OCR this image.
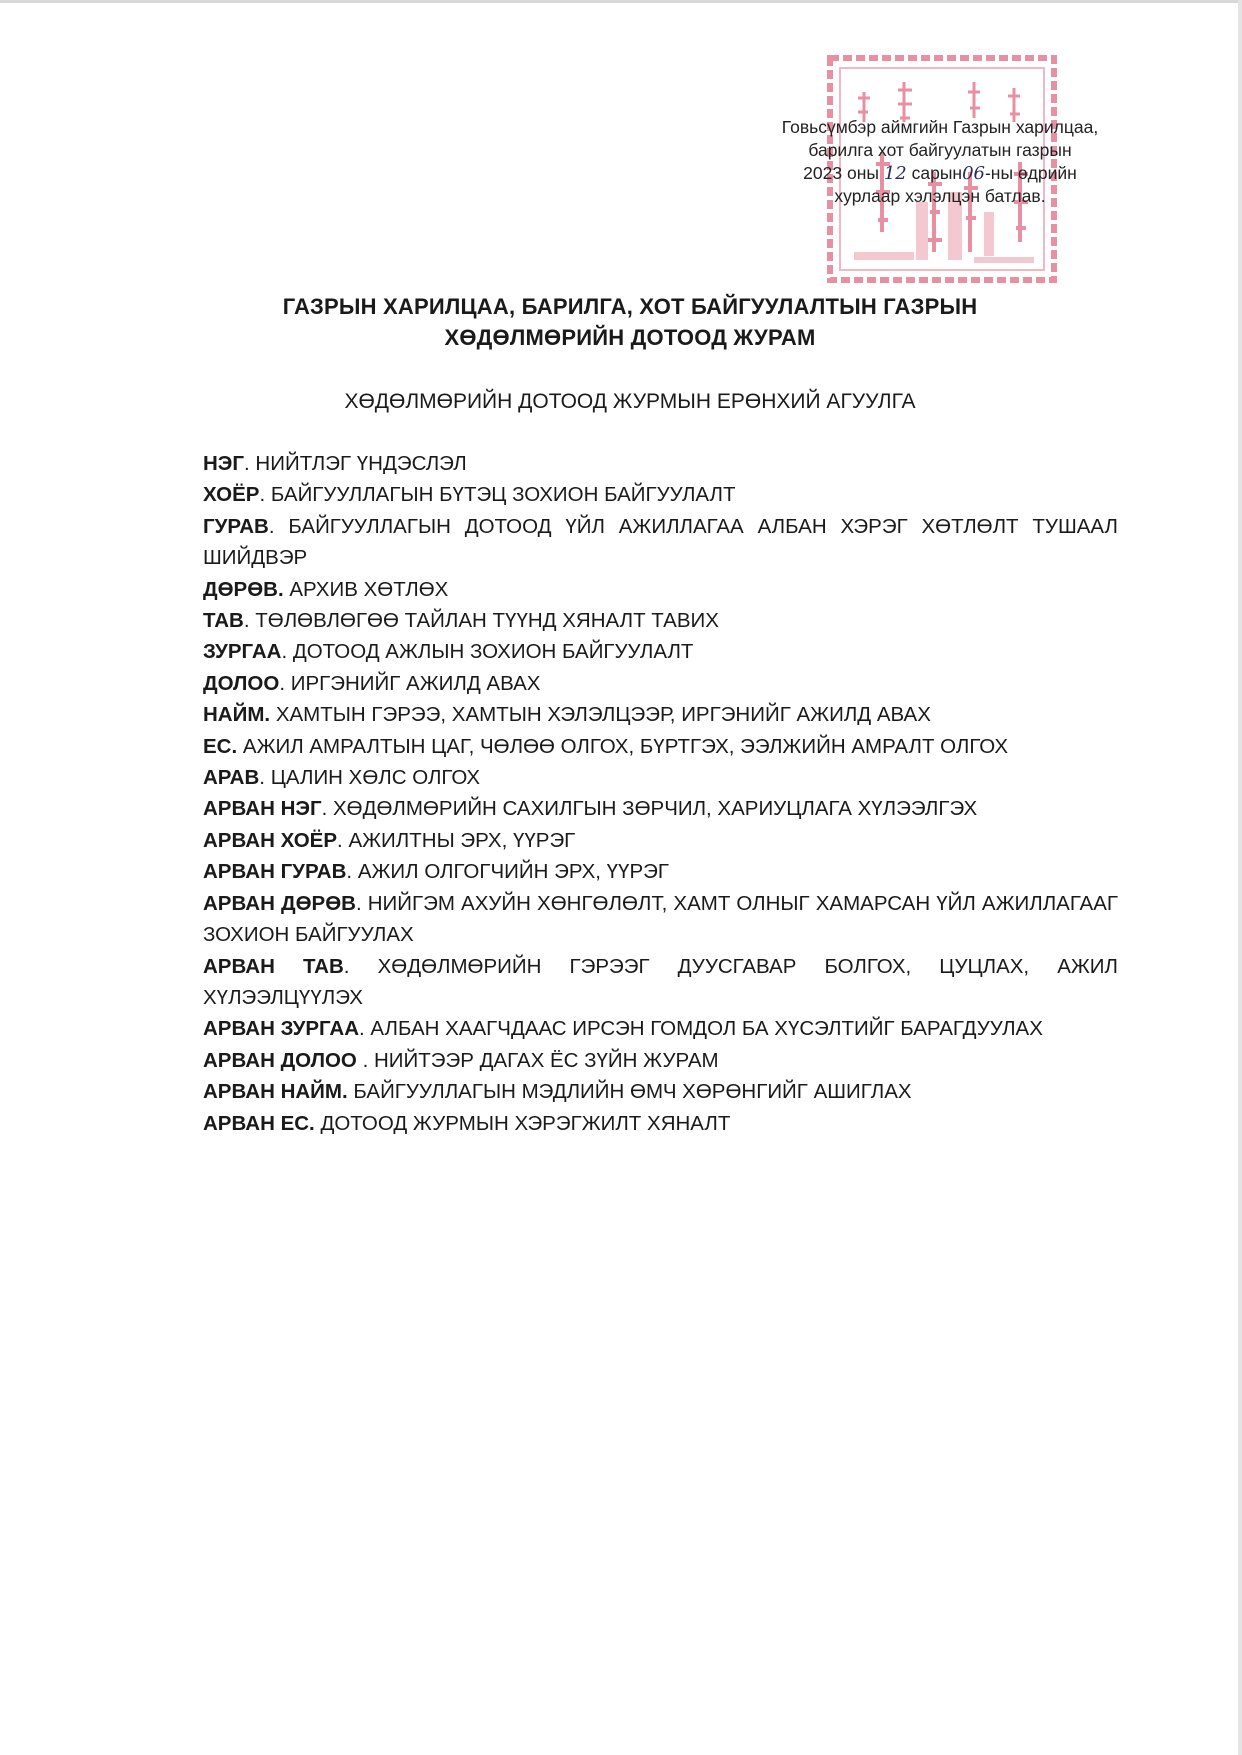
Говьсүмбэр аймгийн Газрын харилцаа,
барилга хот байгуулатын газрын
2023 оны 12 сарын06-ны өдрийн
хурлаар хэлэлцэн батлав.
ГАЗРЫН ХАРИЛЦАА, БАРИЛГА, ХОТ БАЙГУУЛАЛТЫН ГАЗРЫН
ХӨДӨЛМӨРИЙН ДОТООД ЖУРАМ
ХӨДӨЛМӨРИЙН ДОТООД ЖУРМЫН ЕРӨНХИЙ АГУУЛГА

НЭГ. НИЙТЛЭГ ҮНДЭСЛЭЛ

ХОЁР. БАЙГУУЛЛАГЫН БҮТЭЦ ЗОХИОН БАЙГУУЛАЛТ

ГУРАВ. БАЙГУУЛЛАГЫН ДОТООД ҮЙЛ АЖИЛЛАГАА АЛБАН ХЭРЭГ ХӨТЛӨЛТ ТУШААЛ ШИЙДВЭР

ДӨРӨВ. АРХИВ ХӨТЛӨХ

ТАВ. ТӨЛӨВЛӨГӨӨ ТАЙЛАН ТҮҮНД ХЯНАЛТ ТАВИХ

ЗУРГАА. ДОТООД АЖЛЫН ЗОХИОН БАЙГУУЛАЛТ

ДОЛОО. ИРГЭНИЙГ АЖИЛД АВАХ

НАЙМ. ХАМТЫН ГЭРЭЭ, ХАМТЫН ХЭЛЭЛЦЭЭР, ИРГЭНИЙГ АЖИЛД АВАХ

ЕС. АЖИЛ АМРАЛТЫН ЦАГ, ЧӨЛӨӨ ОЛГОХ, БҮРТГЭХ, ЭЭЛЖИЙН АМРАЛТ ОЛГОХ

АРАВ. ЦАЛИН ХӨЛС ОЛГОХ

АРВАН НЭГ. ХӨДӨЛМӨРИЙН САХИЛГЫН ЗӨРЧИЛ, ХАРИУЦЛАГА ХҮЛЭЭЛГЭХ

АРВАН ХОЁР. АЖИЛТНЫ ЭРХ, ҮҮРЭГ

АРВАН ГУРАВ. АЖИЛ ОЛГОГЧИЙН ЭРХ, ҮҮРЭГ

АРВАН ДӨРӨВ. НИЙГЭМ АХУЙН ХӨНГӨЛӨЛТ, ХАМТ ОЛНЫГ ХАМАРСАН ҮЙЛ АЖИЛЛАГААГ ЗОХИОН БАЙГУУЛАХ

АРВАН ТАВ. ХӨДӨЛМӨРИЙН ГЭРЭЭГ ДУУСГАВАР БОЛГОХ, ЦУЦЛАХ, АЖИЛ ХҮЛЭЭЛЦҮҮЛЭХ

АРВАН ЗУРГАА. АЛБАН ХААГЧДААС ИРСЭН ГОМДОЛ БА ХҮСЭЛТИЙГ БАРАГДУУЛАХ

АРВАН ДОЛОО . НИЙТЭЭР ДАГАХ ЁС ЗҮЙН ЖУРАМ

АРВАН НАЙМ. БАЙГУУЛЛАГЫН МЭДЛИЙН ӨМЧ ХӨРӨНГИЙГ АШИГЛАХ

АРВАН ЕС. ДОТООД ЖУРМЫН ХЭРЭГЖИЛТ ХЯНАЛТ
